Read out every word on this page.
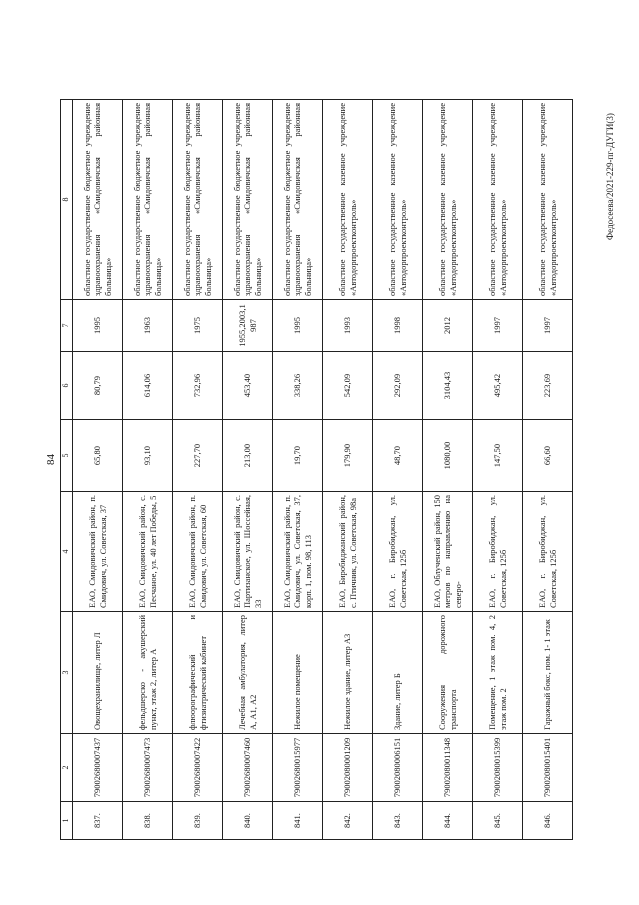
84
1	2	3	4	5	6	7	8
837.	79002680007437	Овощехранилище, литер Л	ЕАО, Смидовичский район, п. Смидович, ул. Советская, 37	65,80	80,79	1995	областное государственное бюджетное учреждение здравоохранения «Смидовичская районная больница»
838.	79002680007473	фельдшерско - акушерский пункт, этаж 2, литер А	ЕАО, Смидовичский район, с. Песчаное, ул. 40 лет Победы, 5	93,10	614,06	1963	областное государственное бюджетное учреждение здравоохранения «Смидовичская районная больница»
839.	79002680007422	флюорографический и фтизиатрический кабинет	ЕАО, Смидовичский район, п. Смидович, ул. Советская, 60	227,70	732,96	1975	областное государственное бюджетное учреждение здравоохранения «Смидовичская районная больница»
840.	79002680007460	Лечебная амбулатория, литер А, А1, А2	ЕАО, Смидовичский район, с. Партизанское, ул. Шоссейная, 33	213,00	453,40	1955,2003,1 987	областное государственное бюджетное учреждение здравоохранения «Смидовичская районная больница»
841.	79002680015977	Нежилое помещение	ЕАО, Смидовичский район, п. Смидович, ул. Советская, 37, корп. 1, пом. 98, 113	19,70	338,26	1995	областное государственное бюджетное учреждение здравоохранения «Смидовичская районная больница»
842.	79002080001209	Нежилое здание, литер А3	ЕАО, Биробиджанский район, с. Птичник, ул. Советская, 98а	179,90	542,09	1993	областное государственное казенное учреждение «Автодорпроектконтроль»
843.	79002080006151	Здание, литер Б	ЕАО, г. Биробиджан, ул. Советская, 125б	48,70	292,09	1998	областное государственное казенное учреждение «Автодорпроектконтроль»
844.	79002080011348	Сооружения дорожного транспорта	ЕАО, Облученский район, 150 метров по направлению на северо-	1080,00	3104,43	2012	областное государственное казенное учреждение «Автодорпроектконтроль»
845.	79002080015399	Помещение, 1 этаж пом. 4, 2 этаж пом. 2	ЕАО, г. Биробиджан, ул. Советская, 125б	147,50	495,42	1997	областное государственное казенное учреждение «Автодорпроектконтроль»
846.	79002080015401	Гаражный бокс, пом. 1- 1 этаж	ЕАО, г. Биробиджан, ул. Советская, 125б	66,60	223,69	1997	областное государственное казенное учреждение «Автодорпроектконтроль»
Федосеева/2021-229-пг-ДУГИ(3)
